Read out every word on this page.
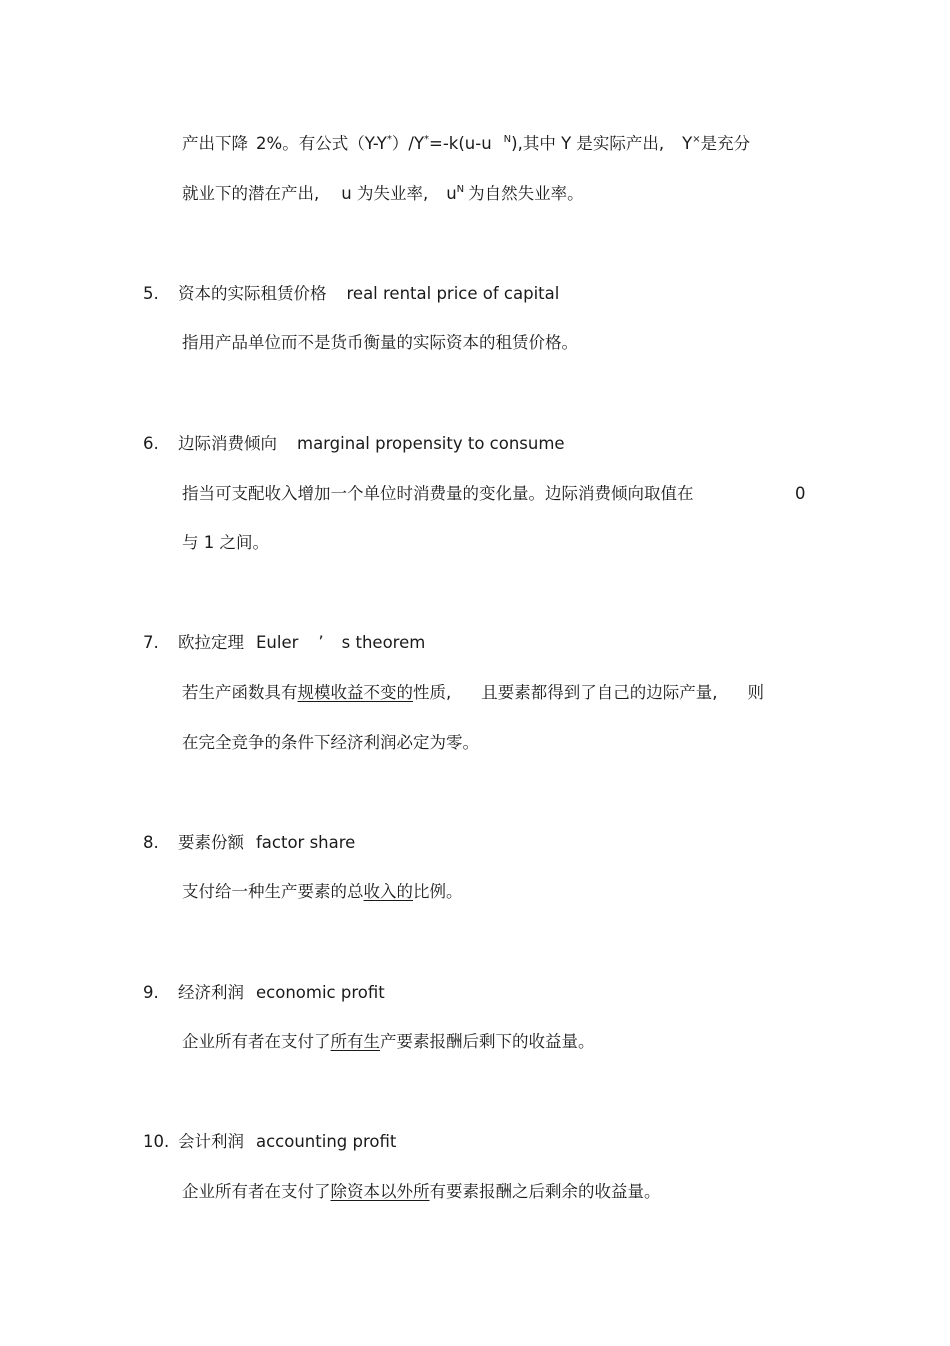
产出下降 2%。有公式（Y-Y*）/Y*=-k(u-u $^N$),其中 Y 是实际产出, Y×是充分
就业下的潜在产出, u 为失业率, $u^N$ 为自然失业率。
5. 资本的实际租赁价格 real rental price of capital
指用产品单位而不是货币衡量的实际资本的租赁价格。
6. 边际消费倾向 marginal propensity to consume
指当可支配收入增加一个单位时消费量的变化量。边际消费倾向取值在	0
与 1 之间。
7. 欧拉定理 Euler ’ s theorem
若生产函数具有规模收益不变的性质, 且要素都得到了自己的边际产量, 则
在完全竞争的条件下经济利润必定为零。
8. 要素份额 factor share
支付给一种生产要素的总收入的比例。
9. 经济利润 economic profit
企业所有者在支付了所有生产要素报酬后剩下的收益量。
10. 会计利润 accounting profit
企业所有者在支付了除资本以外所有要素报酬之后剩余的收益量。
